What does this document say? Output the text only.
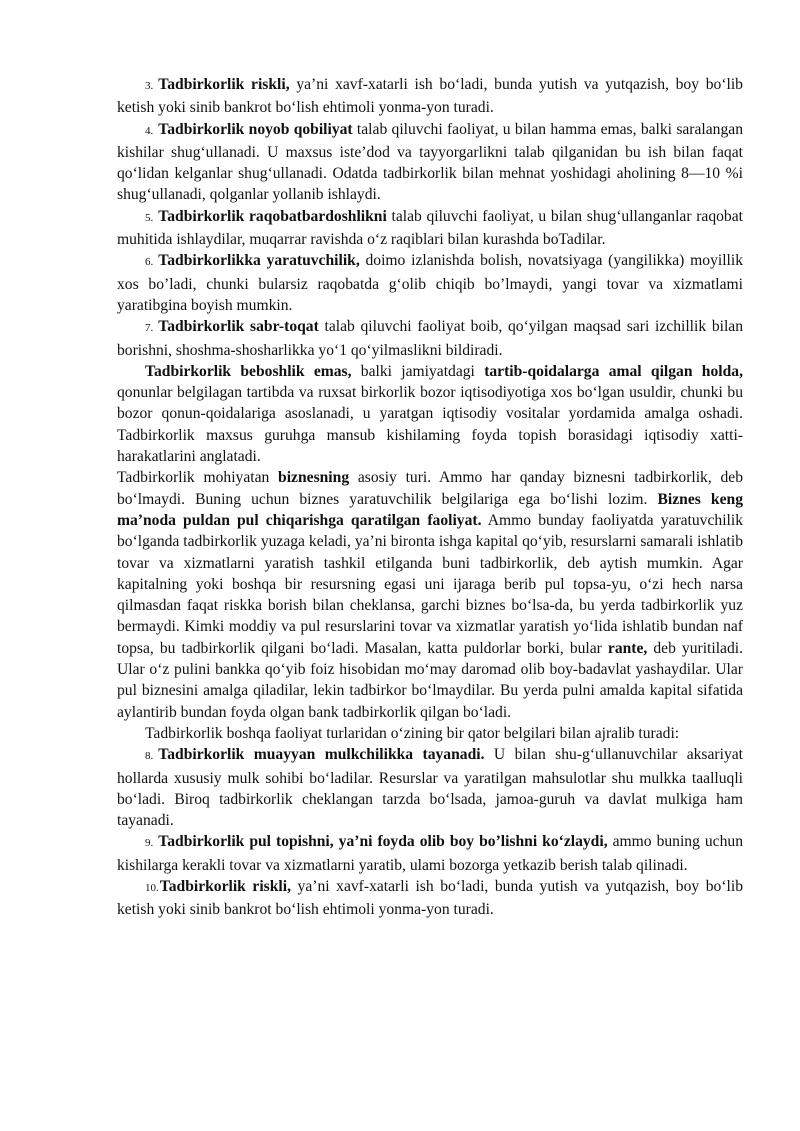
3. Tadbirkorlik riskli, ya’ni xavf-xatarli ish bo‘ladi, bunda yutish va yutqazish, boy bo‘lib ketish yoki sinib bankrot bo‘lish ehtimoli yonma-yon turadi.

4. Tadbirkorlik noyob qobiliyat talab qiluvchi faoliyat, u bilan hamma emas, balki saralangan kishilar shug‘ullanadi. U maxsus iste’dod va tayyorgarlikni talab qilganidan bu ish bilan faqat qo‘lidan kelganlar shug‘ullanadi. Odatda tadbirkorlik bilan mehnat yoshidagi aholining 8—10 %i shug‘ullanadi, qolganlar yollanib ishlaydi.

5. Tadbirkorlik raqobatbardoshlikni talab qiluvchi faoliyat, u bilan shug‘ullanganlar raqobat muhitida ishlaydilar, muqarrar ravishda o‘z raqiblari bilan kurashda boTadilar.

6. Tadbirkorlikka yaratuvchilik, doimo izlanishda bolish, novatsiyaga (yangilikka) moyillik xos bo’ladi, chunki bularsiz raqobatda g‘olib chiqib bo’lmaydi, yangi tovar va xizmatlami yaratibgina boyish mumkin.

7. Tadbirkorlik sabr-toqat talab qiluvchi faoliyat boib, qo‘yilgan maqsad sari izchillik bilan borishni, shoshma-shosharlikka yo‘1 qo‘yilmaslikni bildiradi.

Tadbirkorlik beboshlik emas, balki jamiyatdagi tartib-qoidalarga amal qilgan holda, qonunlar belgilagan tartibda va ruxsat birkorlik bozor iqtisodiyotiga xos bo‘lgan usuldir, chunki bu bozor qonun-qoidalariga asoslanadi, u yaratgan iqtisodiy vositalar yordamida amalga oshadi. Tadbirkorlik maxsus guruhga mansub kishilaming foyda topish borasidagi iqtisodiy xatti-harakatlarini anglatadi.

Tadbirkorlik mohiyatan biznesning asosiy turi. Ammo har qanday biznesni tadbirkorlik, deb bo‘lmaydi. Buning uchun biznes yaratuvchilik belgilariga ega bo‘lishi lozim. Biznes keng ma’noda puldan pul chiqarishga qaratilgan faoliyat. Ammo bunday faoliyatda yaratuvchilik bo‘lganda tadbirkorlik yuzaga keladi, ya’ni bironta ishga kapital qo‘yib, resurslarni samarali ishlatib tovar va xizmatlarni yaratish tashkil etilganda buni tadbirkorlik, deb aytish mumkin. Agar kapitalning yoki boshqa bir resursning egasi uni ijaraga berib pul topsa-yu, o‘zi hech narsa qilmasdan faqat riskka borish bilan cheklansa, garchi biznes bo‘lsa-da, bu yerda tadbirkorlik yuz bermaydi. Kimki moddiy va pul resurslarini tovar va xizmatlar yaratish yo‘lida ishlatib bundan naf topsa, bu tadbirkorlik qilgani bo‘ladi. Masalan, katta puldorlar borki, bular rante, deb yuritiladi. Ular o‘z pulini bankka qo‘yib foiz hisobidan mo‘may daromad olib boy-badavlat yashaydilar. Ular pul biznesini amalga qiladilar, lekin tadbirkor bo‘lmaydilar. Bu yerda pulni amalda kapital sifatida aylantirib bundan foyda olgan bank tadbirkorlik qilgan bo‘ladi.

Tadbirkorlik boshqa faoliyat turlaridan o‘zining bir qator belgilari bilan ajralib turadi:

8. Tadbirkorlik muayyan mulkchilikka tayanadi. U bilan shu-g‘ullanuvchilar aksariyat hollarda xususiy mulk sohibi bo‘ladilar. Resurslar va yaratilgan mahsulotlar shu mulkka taalluqli bo‘ladi. Biroq tadbirkorlik cheklangan tarzda bo‘lsada, jamoa-guruh va davlat mulkiga ham tayanadi.

9. Tadbirkorlik pul topishni, ya’ni foyda olib boy bo’lishni ko‘zlaydi, ammo buning uchun kishilarga kerakli tovar va xizmatlarni yaratib, ulami bozorga yetkazib berish talab qilinadi.

10.Tadbirkorlik riskli, ya’ni xavf-xatarli ish bo‘ladi, bunda yutish va yutqazish, boy bo‘lib ketish yoki sinib bankrot bo‘lish ehtimoli yonma-yon turadi.
